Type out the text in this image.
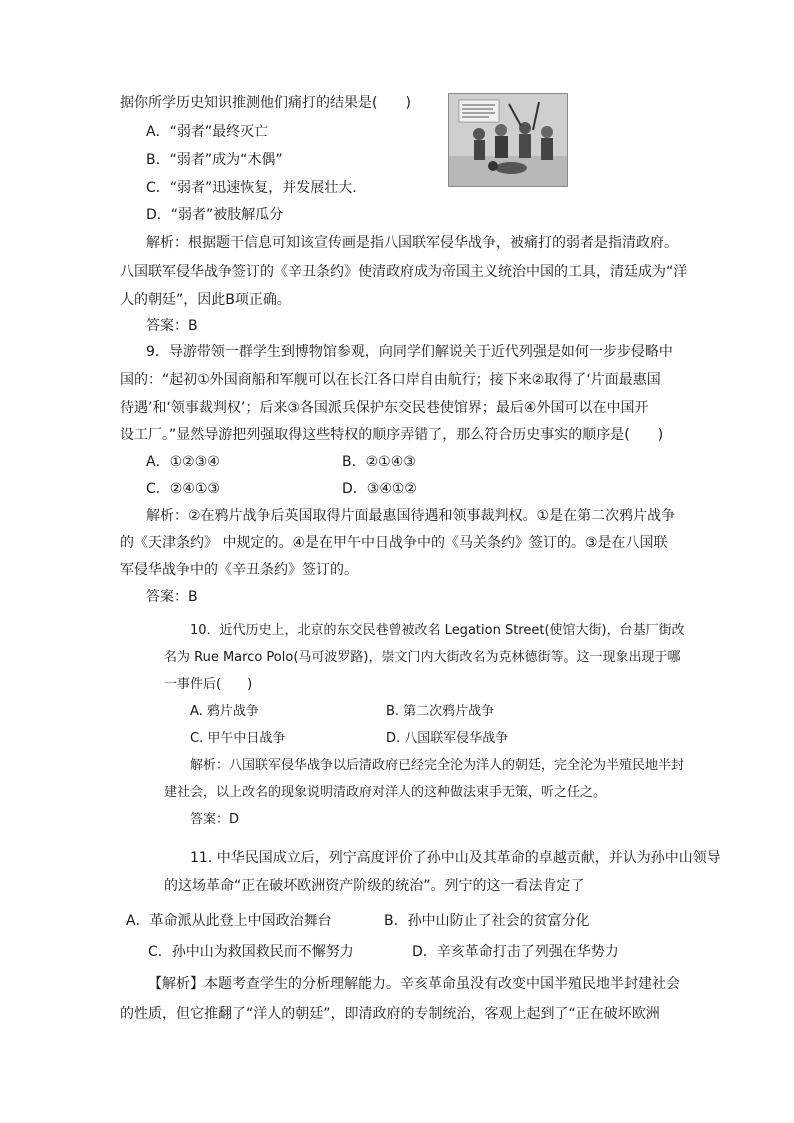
据你所学历史知识推测他们痛打的结果是(　　)
A．“弱者”最终灭亡
B．“弱者”成为“木偶”
C．“弱者”迅速恢复，并发展壮大.
D．“弱者”被肢解瓜分
解析：根据题干信息可知该宣传画是指八国联军侵华战争，被痛打的弱者是指清政府。
八国联军侵华战争签订的《辛丑条约》使清政府成为帝国主义统治中国的工具，清廷成为“洋
人的朝廷”，因此B项正确。
答案：B
9．导游带领一群学生到博物馆参观，向同学们解说关于近代列强是如何一步步侵略中
国的：“起初①外国商船和军舰可以在长江各口岸自由航行；接下来②取得了‘片面最惠国
待遇’和‘领事裁判权’；后来③各国派兵保护东交民巷使馆界；最后④外国可以在中国开
设工厂。”显然导游把列强取得这些特权的顺序弄错了，那么符合历史事实的顺序是(　　)
A．①②③④	B．②①④③
C．②④①③	D．③④①②
解析：②在鸦片战争后英国取得片面最惠国待遇和领事裁判权。①是在第二次鸦片战争
的《天津条约》 中规定的。④是在甲午中日战争中的《马关条约》签订的。③是在八国联
军侵华战争中的《辛丑条约》签订的。
答案：B
10．近代历史上，北京的东交民巷曾被改名 Legation Street(使馆大街)，台基厂街改
名为 Rue Marco Polo(马可波罗路)，崇文门内大街改名为克林德街等。这一现象出现于哪
一事件后(　　)
A. 鸦片战争	B. 第二次鸦片战争
C. 甲午中日战争	D. 八国联军侵华战争
解析：八国联军侵华战争以后清政府已经完全沦为洋人的朝廷，完全沦为半殖民地半封
建社会，以上改名的现象说明清政府对洋人的这种做法束手无策，听之任之。
答案：D
11. 中华民国成立后，列宁高度评价了孙中山及其革命的卓越贡献，并认为孙中山领导
的这场革命“正在破坏欧洲资产阶级的统治”。列宁的这一看法肯定了
A．革命派从此登上中国政治舞台	B．孙中山防止了社会的贫富分化
C．孙中山为救国救民而不懈努力	D．辛亥革命打击了列强在华势力
【解析】本题考查学生的分析理解能力。辛亥革命虽没有改变中国半殖民地半封建社会
的性质，但它推翻了“洋人的朝廷”，即清政府的专制统治，客观上起到了“正在破坏欧洲
